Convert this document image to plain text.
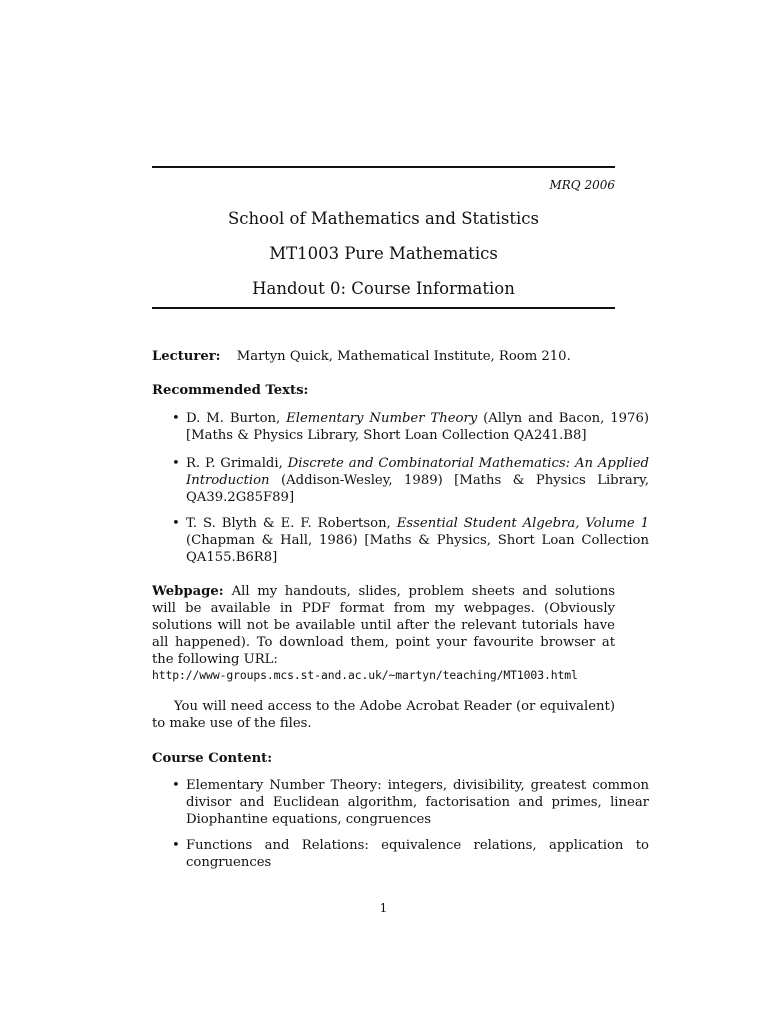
MRQ 2006
School of Mathematics and Statistics
MT1003 Pure Mathematics
Handout 0: Course Information
Lecturer: Martyn Quick, Mathematical Institute, Room 210.
Recommended Texts:
• D. M. Burton, Elementary Number Theory (Allyn and Bacon, 1976) [Maths & Physics Library, Short Loan Collection QA241.B8]
• R. P. Grimaldi, Discrete and Combinatorial Mathematics: An Applied Introduction (Addison-Wesley, 1989) [Maths & Physics Library, QA39.2G85F89]
• T. S. Blyth & E. F. Robertson, Essential Student Algebra, Volume 1 (Chapman & Hall, 1986) [Maths & Physics, Short Loan Collection QA155.B6R8]
Webpage: All my handouts, slides, problem sheets and solutions will be available in PDF format from my webpages. (Obviously solutions will not be available until after the relevant tutorials have all happened). To download them, point your favourite browser at the following URL:
http://www-groups.mcs.st-and.ac.uk/~martyn/teaching/MT1003.html
You will need access to the Adobe Acrobat Reader (or equivalent) to make use of the files.
Course Content:
• Elementary Number Theory: integers, divisibility, greatest common divisor and Euclidean algorithm, factorisation and primes, linear Diophantine equations, congruences
• Functions and Relations: equivalence relations, application to congruences
1
